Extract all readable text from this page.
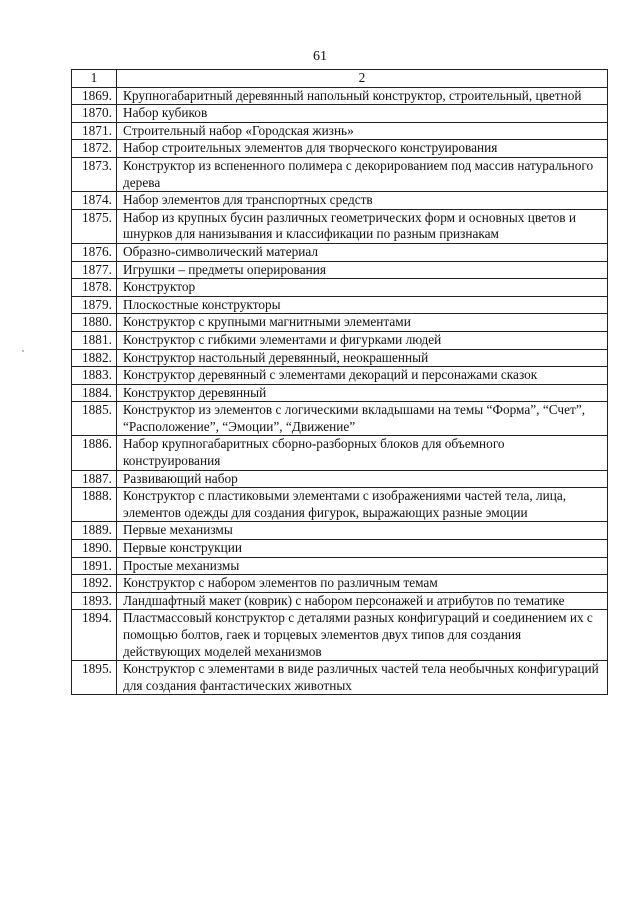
61
1	2
1869.	Крупногабаритный деревянный напольный конструктор, строительный, цветной
1870.	Набор кубиков
1871.	Строительный набор «Городская жизнь»
1872.	Набор строительных элементов для творческого конструирования
1873.	Конструктор из вспененного полимера с декорированием под массив натурального дерева
1874.	Набор элементов для транспортных средств
1875.	Набор из крупных бусин различных геометрических форм и основных цветов и шнурков для нанизывания и классификации по разным признакам
1876.	Образно-символический материал
1877.	Игрушки – предметы оперирования
1878.	Конструктор
1879.	Плоскостные конструкторы
1880.	Конструктор с крупными магнитными элементами
1881.	Конструктор с гибкими элементами и фигурками людей
1882.	Конструктор настольный деревянный, неокрашенный
1883.	Конструктор деревянный с элементами декораций и персонажами сказок
1884.	Конструктор деревянный
1885.	Конструктор из элементов с логическими вкладышами на темы “Форма”, “Счет”, “Расположение”, “Эмоции”, “Движение”
1886.	Набор крупногабаритных сборно-разборных блоков для объемного конструирования
1887.	Развивающий набор
1888.	Конструктор с пластиковыми элементами с изображениями частей тела, лица, элементов одежды для создания фигурок, выражающих разные эмоции
1889.	Первые механизмы
1890.	Первые конструкции
1891.	Простые механизмы
1892.	Конструктор с набором элементов по различным темам
1893.	Ландшафтный макет (коврик) с набором персонажей и атрибутов по тематике
1894.	Пластмассовый конструктор с деталями разных конфигураций и соединением их с помощью болтов, гаек и торцевых элементов двух типов для создания действующих моделей механизмов
1895.	Конструктор с элементами в виде различных частей тела необычных конфигураций для создания фантастических животных
